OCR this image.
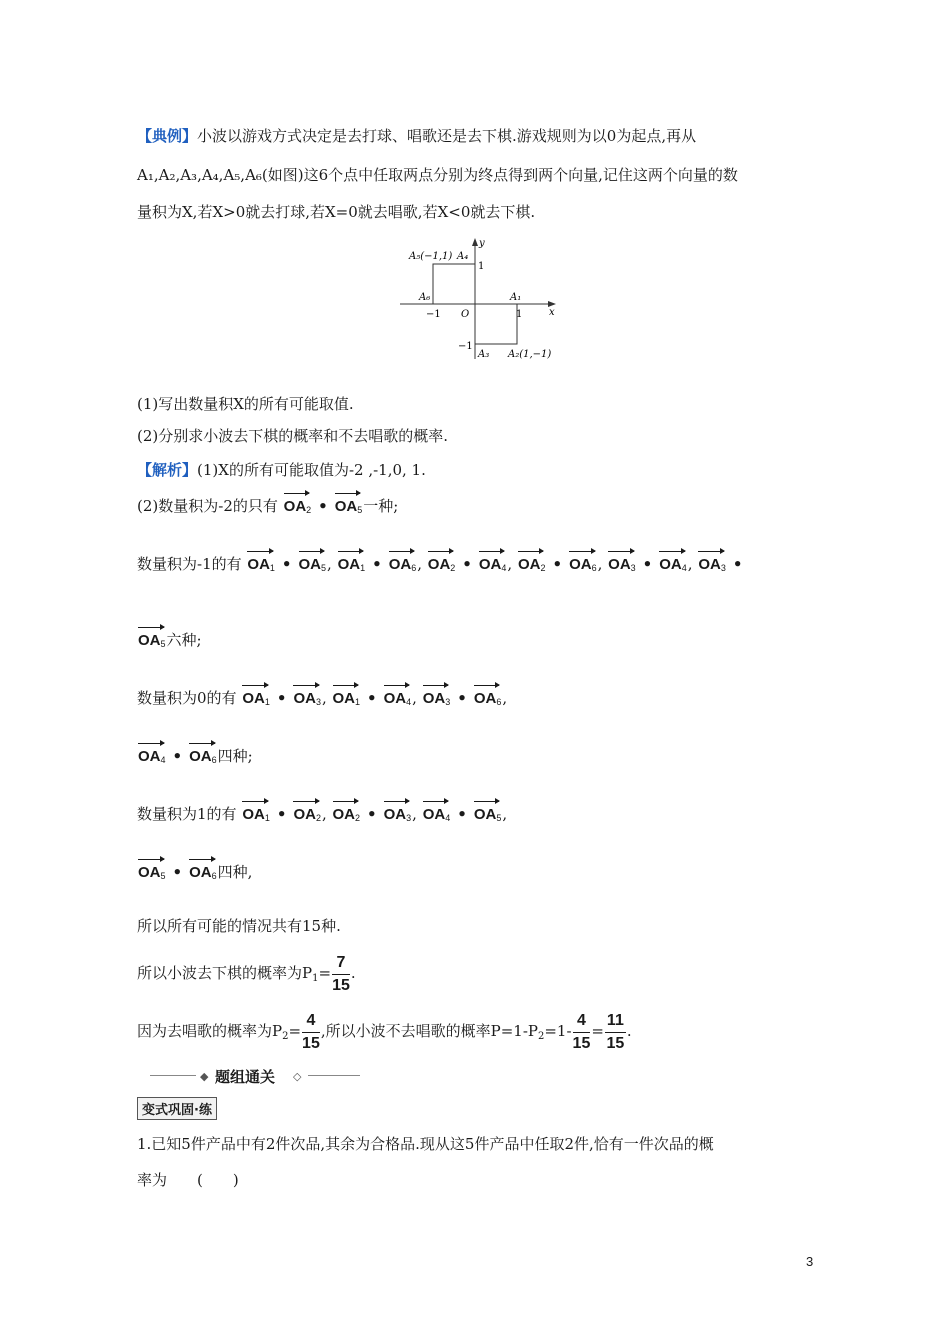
【典例】小波以游戏方式决定是去打球、唱歌还是去下棋.游戏规则为以0为起点,再从
A₁,A₂,A₃,A₄,A₅,A₆(如图)这6个点中任取两点分别为终点得到两个向量,记住这两个向量的数
量积为X,若X>0就去打球,若X=0就去唱歌,若X<0就去下棋.
A₅(−1,1) A₄
y
1
A₆	A₁
−1 O	1	x
−1
A₃ A₂(1,−1)
(1)写出数量积X的所有可能取值.
(2)分别求小波去下棋的概率和不去唱歌的概率.
【解析】(1)X的所有可能取值为-2 ,-1,0, 1.
(2)数量积为-2的只有 $OA_2$ • $OA_5$一种;
数量积为-1的有 $OA_1$ • $OA_5$, $OA_1$ • $OA_6$, $OA_2$ • $OA_4$, $OA_2$ • $OA_6$, $OA_3$ • $OA_4$, $OA_3$ •
$OA_5$六种;
数量积为0的有 $OA_1$ • $OA_3$, $OA_1$ • $OA_4$, $OA_3$ • $OA_6$,
$OA_4$ • $OA_6$四种;
数量积为1的有 $OA_1$ • $OA_2$, $OA_2$ • $OA_3$, $OA_4$ • $OA_5$,
$OA_5$ • $OA_6$四种,
所以所有可能的情况共有15种.
所以小波去下棋的概率为$P_1= \frac{7}{15}$ .
因为去唱歌的概率为$P_2= \frac{4}{15}$ ,所以小波不去唱歌的概率$P=1-P_2=1- \frac{4}{15} = \frac{11}{15}$ .
◆ 题组通关 ◇
变式巩固·练
1.已知5件产品中有2件次品,其余为合格品.现从这5件产品中任取2件,恰有一件次品的概
率为　　(　　)
3
